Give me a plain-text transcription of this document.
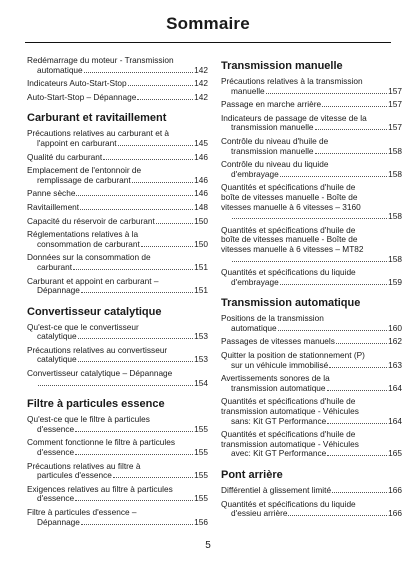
Sommaire
Redémarrage du moteur - Transmission
automatique	142
Indicateurs Auto-Start-Stop	142
Auto-Start-Stop – Dépannage	142
Carburant et ravitaillement
Précautions relatives au carburant et à
l'appoint en carburant	145
Qualité du carburant	146
Emplacement de l'entonnoir de
remplissage de carburant	146
Panne sèche	146
Ravitaillement	148
Capacité du réservoir de carburant	150
Réglementations relatives à la
consommation de carburant	150
Données sur la consommation de
carburant	151
Carburant et appoint en carburant –
Dépannage	151
Convertisseur catalytique
Qu'est-ce que le convertisseur
catalytique	153
Précautions relatives au convertisseur
catalytique	153
Convertisseur catalytique – Dépannage
154
Filtre à particules essence
Qu'est-ce que le filtre à particules
d'essence	155
Comment fonctionne le filtre à particules
d'essence	155
Précautions relatives au filtre à
particules d'essence	155
Exigences relatives au filtre à particules
d'essence	155
Filtre à particules d'essence –
Dépannage	156
Transmission manuelle
Précautions relatives à la transmission
manuelle	157
Passage en marche arrière	157
Indicateurs de passage de vitesse de la
transmission manuelle	157
Contrôle du niveau d'huile de
transmission manuelle	158
Contrôle du niveau du liquide
d'embrayage	158
Quantités et spécifications d'huile de
boîte de vitesses manuelle - Boîte de
vitesses manuelle à 6 vitesses – 3160
158
Quantités et spécifications d'huile de
boîte de vitesses manuelle - Boîte de
vitesses manuelle à 6 vitesses – MT82
158
Quantités et spécifications du liquide
d'embrayage	159
Transmission automatique
Positions de la transmission
automatique	160
Passages de vitesses manuels	162
Quitter la position de stationnement (P)
sur un véhicule immobilisé	163
Avertissements sonores de la
transmission automatique	164
Quantités et spécifications d'huile de
transmission automatique - Véhicules
sans: Kit GT Performance	164
Quantités et spécifications d'huile de
transmission automatique - Véhicules
avec: Kit GT Performance	165
Pont arrière
Différentiel à glissement limité	166
Quantités et spécifications du liquide
d'essieu arrière	166
5
